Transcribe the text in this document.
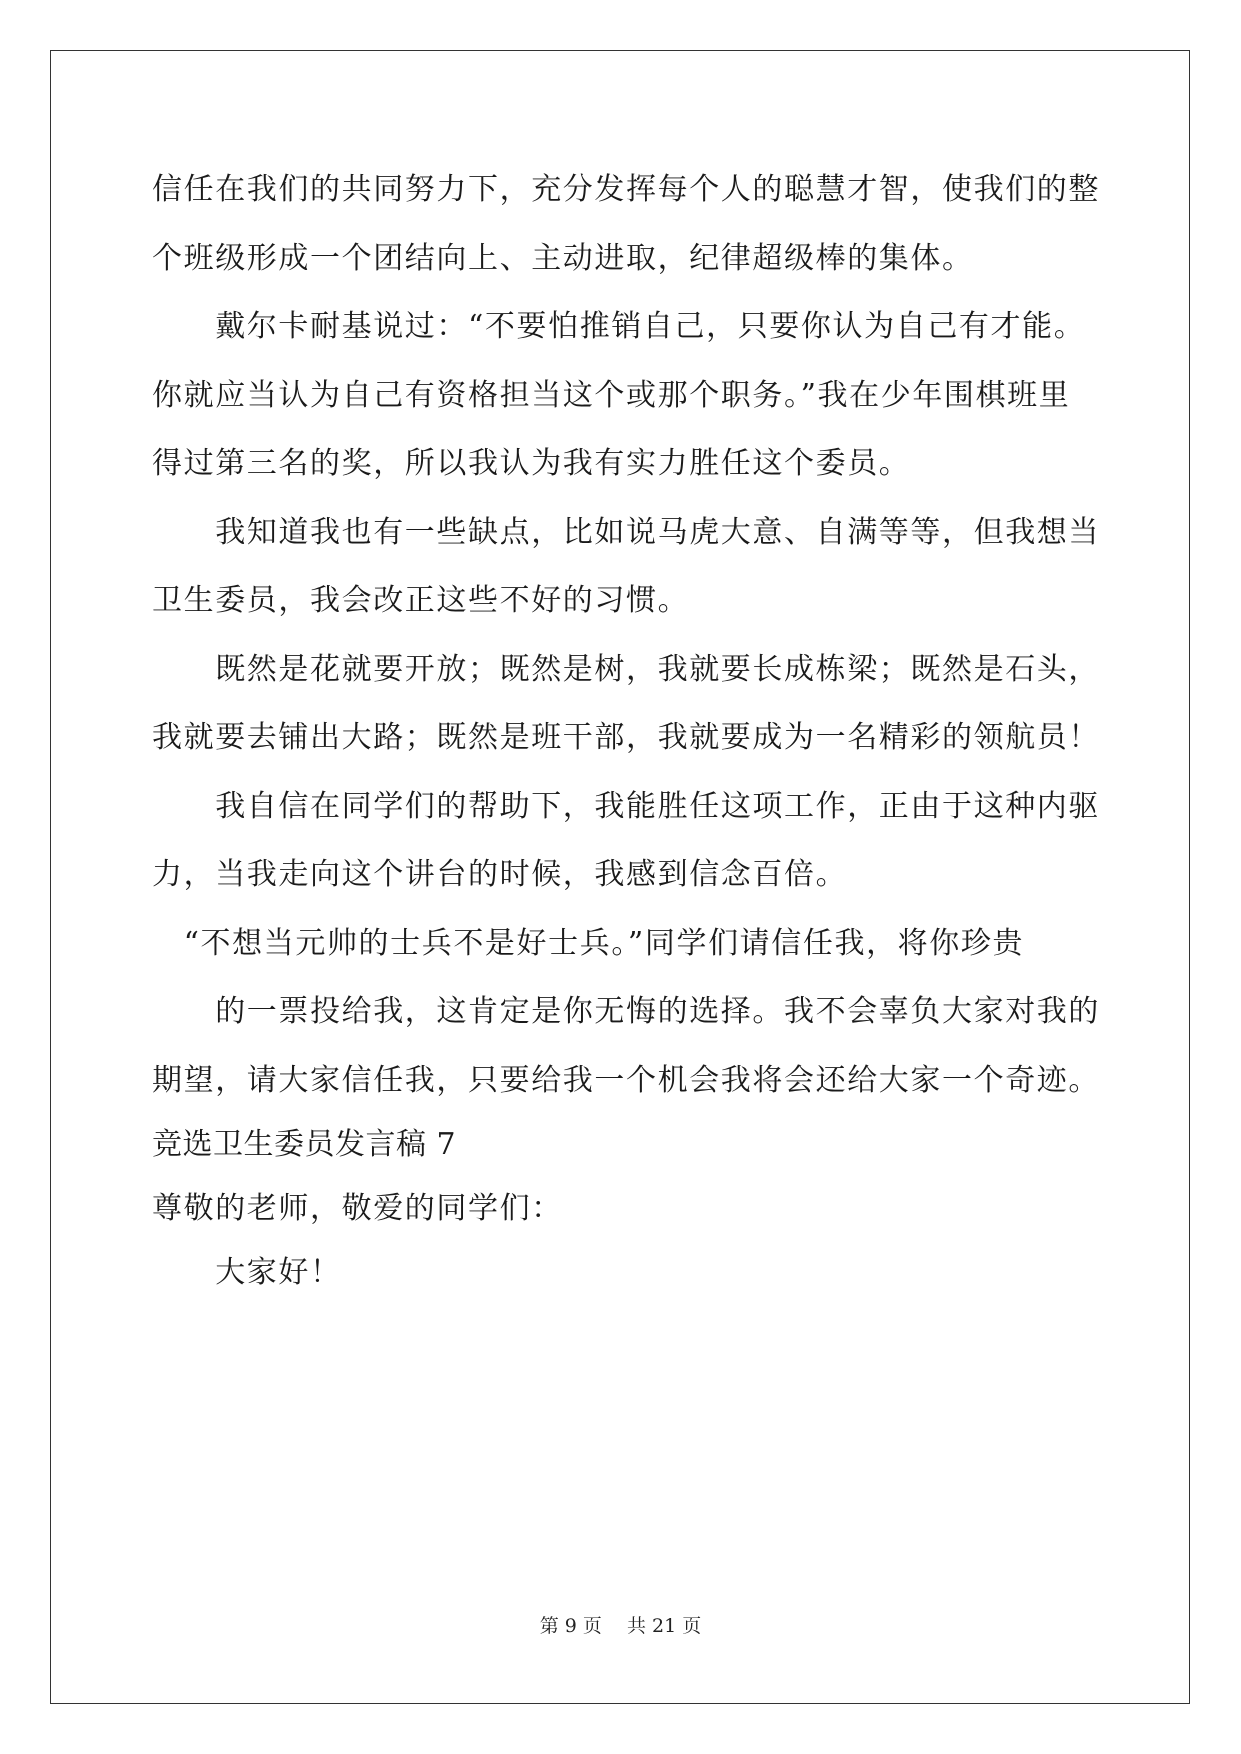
信任在我们的共同努力下，充分发挥每个人的聪慧才智，使我们的整
个班级形成一个团结向上、主动进取，纪律超级棒的集体。
　　戴尔卡耐基说过：“不要怕推销自己，只要你认为自己有才能。
你就应当认为自己有资格担当这个或那个职务。”我在少年围棋班里
得过第三名的奖，所以我认为我有实力胜任这个委员。
　　我知道我也有一些缺点，比如说马虎大意、自满等等，但我想当
卫生委员，我会改正这些不好的习惯。
　　既然是花就要开放；既然是树，我就要长成栋梁；既然是石头，
我就要去铺出大路；既然是班干部，我就要成为一名精彩的领航员！
　　我自信在同学们的帮助下，我能胜任这项工作，正由于这种内驱
力，当我走向这个讲台的时候，我感到信念百倍。
　“不想当元帅的士兵不是好士兵。”同学们请信任我，将你珍贵
　　的一票投给我，这肯定是你无悔的选择。我不会辜负大家对我的
期望，请大家信任我，只要给我一个机会我将会还给大家一个奇迹。
竞选卫生委员发言稿 7
尊敬的老师，敬爱的同学们：
　　大家好！
第 9 页　 共 21 页
